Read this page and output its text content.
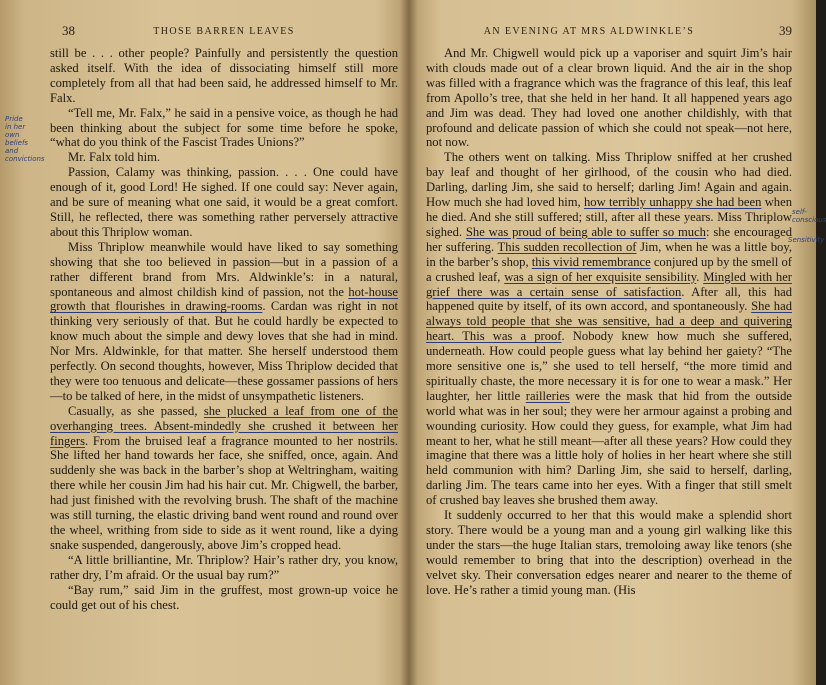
38	THOSE BARREN LEAVES

still be . . . other people? Painfully and persistently the question asked itself. With the idea of dissociating himself still more completely from all that had been said, he addressed himself to Mr. Falx.

“Tell me, Mr. Falx,” he said in a pensive voice, as though he had been thinking about the subject for some time before he spoke, “what do you think of the Fascist Trades Unions?”

Mr. Falx told him.

Passion, Calamy was thinking, passion. . . . One could have enough of it, good Lord! He sighed. If one could say: Never again, and be sure of meaning what one said, it would be a great comfort. Still, he reflected, there was something rather perversely attractive about this Thriplow woman.

Miss Thriplow meanwhile would have liked to say something showing that she too believed in passion—but in a passion of a rather different brand from Mrs. Aldwinkle’s: in a natural, spontaneous and almost childish kind of passion, not the hot-house growth that flourishes in drawing-rooms. Cardan was right in not thinking very seriously of that. But he could hardly be expected to know much about the simple and dewy loves that she had in mind. Nor Mrs. Aldwinkle, for that matter. She herself understood them perfectly. On second thoughts, however, Miss Thriplow decided that they were too tenuous and delicate—these gossamer passions of hers—to be talked of here, in the midst of unsympathetic listeners.

Casually, as she passed, she plucked a leaf from one of the overhanging trees. Absent-mindedly she crushed it between her fingers. From the bruised leaf a fragrance mounted to her nostrils. She lifted her hand towards her face, she sniffed, once, again. And suddenly she was back in the barber’s shop at Weltringham, waiting there while her cousin Jim had his hair cut. Mr. Chigwell, the barber, had just finished with the revolving brush. The shaft of the machine was still turning, the elastic driving band went round and round over the wheel, writhing from side to side as it went round, like a dying snake suspended, dangerously, above Jim’s cropped head.

“A little brilliantine, Mr. Thriplow? Hair’s rather dry, you know, rather dry, I’m afraid. Or the usual bay rum?”

“Bay rum,” said Jim in the gruffest, most grown-up voice he could get out of his chest.

Pride
in her
own
beliefs
and
convictions
AN EVENING AT MRS ALDWINKLE’S	39

And Mr. Chigwell would pick up a vaporiser and squirt Jim’s hair with clouds made out of a clear brown liquid. And the air in the shop was filled with a fragrance which was the fragrance of this leaf, this leaf from Apollo’s tree, that she held in her hand. It all happened years ago and Jim was dead. They had loved one another childishly, with that profound and delicate passion of which she could not speak—not here, not now.

The others went on talking. Miss Thriplow sniffed at her crushed bay leaf and thought of her girlhood, of the cousin who had died. Darling, darling Jim, she said to herself; darling Jim! Again and again. How much she had loved him, how terribly unhappy she had been when he died. And she still suffered; still, after all these years. Miss Thriplow sighed. She was proud of being able to suffer so much: she encouraged her suffering. This sudden recollection of Jim, when he was a little boy, in the barber’s shop, this vivid remembrance conjured up by the smell of a crushed leaf, was a sign of her exquisite sensibility. Mingled with her grief there was a certain sense of satisfaction. After all, this had happened quite by itself, of its own accord, and spontaneously. She had always told people that she was sensitive, had a deep and quivering heart. This was a proof. Nobody knew how much she suffered, underneath. How could people guess what lay behind her gaiety? “The more sensitive one is,” she used to tell herself, “the more timid and spiritually chaste, the more necessary it is for one to wear a mask.” Her laughter, her little railleries were the mask that hid from the outside world what was in her soul; they were her armour against a probing and wounding curiosity. How could they guess, for example, what Jim had meant to her, what he still meant—after all these years? How could they imagine that there was a little holy of holies in her heart where she still held communion with him? Darling Jim, she said to herself, darling, darling Jim. The tears came into her eyes. With a finger that still smelt of crushed bay leaves she brushed them away.

It suddenly occurred to her that this would make a splendid short story. There would be a young man and a young girl walking like this under the stars—the huge Italian stars, tremoloing away like tenors (she would remember to bring that into the description) overhead in the velvet sky. Their conversation edges nearer and nearer to the theme of love. He’s rather a timid young man. (His

self-
conscious
Sensitivity
